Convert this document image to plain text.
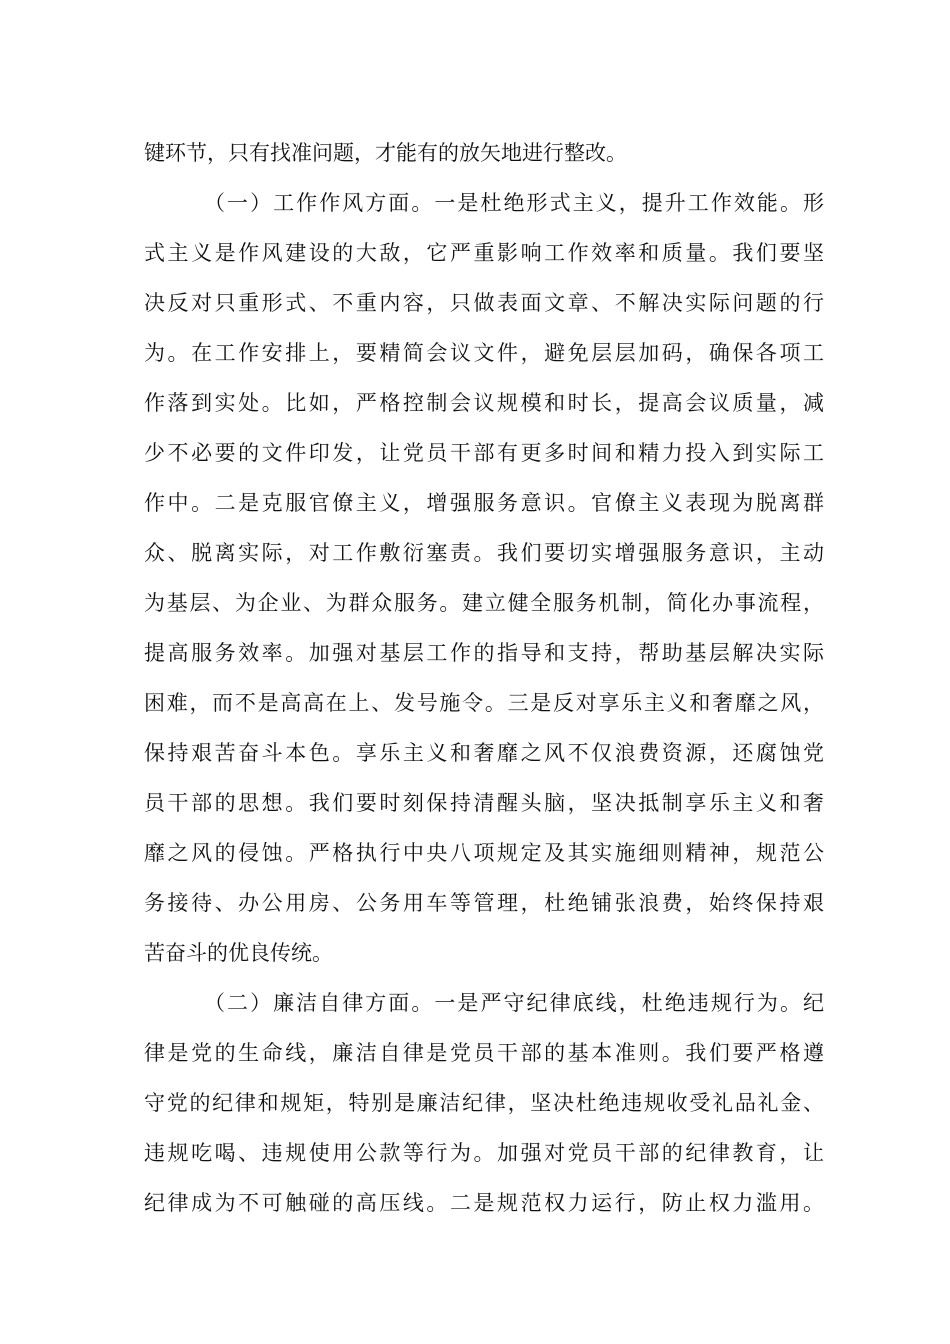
键环节，只有找准问题，才能有的放矢地进行整改。

（一）工作作风方面。一是杜绝形式主义，提升工作效能。形

式主义是作风建设的大敌，它严重影响工作效率和质量。我们要坚

决反对只重形式、不重内容，只做表面文章、不解决实际问题的行

为。在工作安排上，要精简会议文件，避免层层加码，确保各项工

作落到实处。比如，严格控制会议规模和时长，提高会议质量，减

少不必要的文件印发，让党员干部有更多时间和精力投入到实际工

作中。二是克服官僚主义，增强服务意识。官僚主义表现为脱离群

众、脱离实际，对工作敷衍塞责。我们要切实增强服务意识，主动

为基层、为企业、为群众服务。建立健全服务机制，简化办事流程，

提高服务效率。加强对基层工作的指导和支持，帮助基层解决实际

困难，而不是高高在上、发号施令。三是反对享乐主义和奢靡之风，

保持艰苦奋斗本色。享乐主义和奢靡之风不仅浪费资源，还腐蚀党

员干部的思想。我们要时刻保持清醒头脑，坚决抵制享乐主义和奢

靡之风的侵蚀。严格执行中央八项规定及其实施细则精神，规范公

务接待、办公用房、公务用车等管理，杜绝铺张浪费，始终保持艰

苦奋斗的优良传统。

（二）廉洁自律方面。一是严守纪律底线，杜绝违规行为。纪

律是党的生命线，廉洁自律是党员干部的基本准则。我们要严格遵

守党的纪律和规矩，特别是廉洁纪律，坚决杜绝违规收受礼品礼金、

违规吃喝、违规使用公款等行为。加强对党员干部的纪律教育，让

纪律成为不可触碰的高压线。二是规范权力运行，防止权力滥用。
